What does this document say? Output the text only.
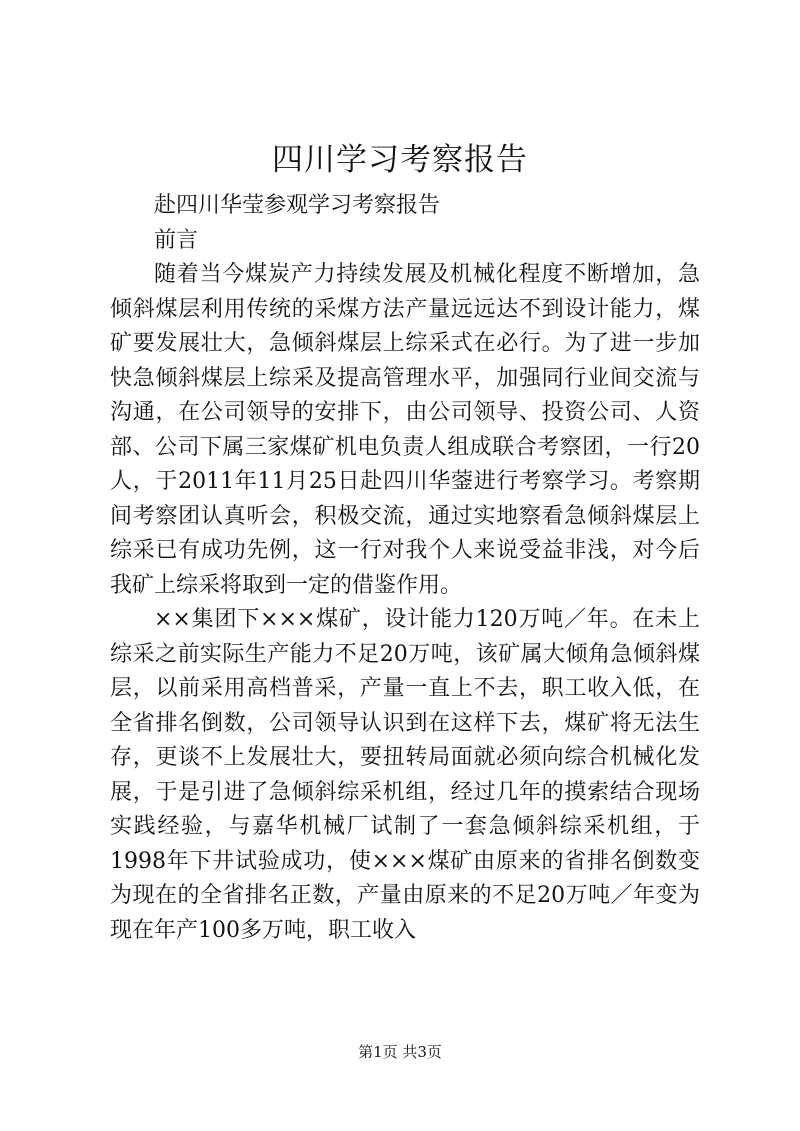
四川学习考察报告

赴四川华莹参观学习考察报告

前言

随着当今煤炭产力持续发展及机械化程度不断增加，急倾斜煤层利用传统的采煤方法产量远远达不到设计能力，煤矿要发展壮大，急倾斜煤层上综采式在必行。为了进一步加快急倾斜煤层上综采及提高管理水平，加强同行业间交流与沟通，在公司领导的安排下，由公司领导、投资公司、人资部、公司下属三家煤矿机电负责人组成联合考察团，一行20人，于2011年11月25日赴四川华蓥进行考察学习。考察期间考察团认真听会，积极交流，通过实地察看急倾斜煤层上综采已有成功先例，这一行对我个人来说受益非浅，对今后我矿上综采将取到一定的借鉴作用。

××集团下×××煤矿，设计能力120万吨／年。在未上综采之前实际生产能力不足20万吨，该矿属大倾角急倾斜煤层，以前采用高档普采，产量一直上不去，职工收入低，在全省排名倒数，公司领导认识到在这样下去，煤矿将无法生存，更谈不上发展壮大，要扭转局面就必须向综合机械化发展，于是引进了急倾斜综采机组，经过几年的摸索结合现场实践经验，与嘉华机械厂试制了一套急倾斜综采机组，于1998年下井试验成功，使×××煤矿由原来的省排名倒数变为现在的全省排名正数，产量由原来的不足20万吨／年变为现在年产100多万吨，职工收入

第1页 共3页
